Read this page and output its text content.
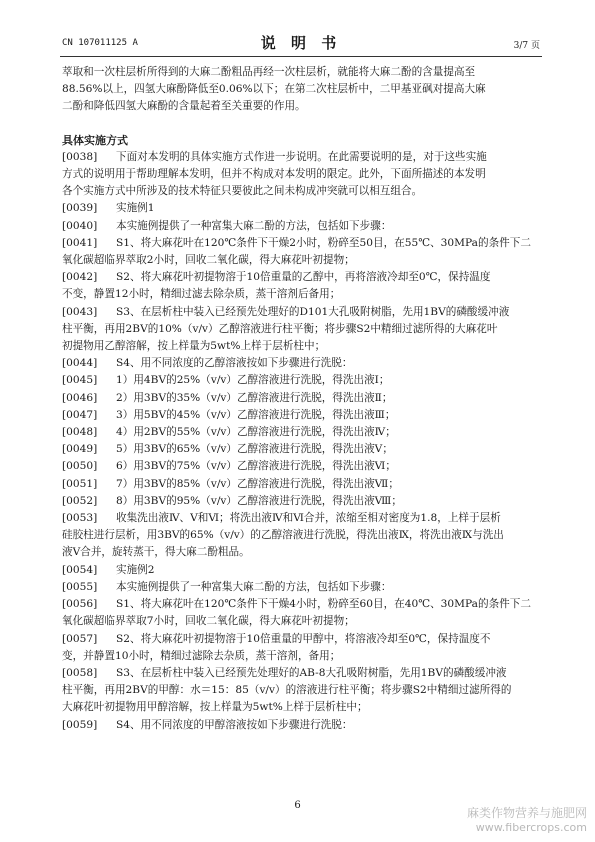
CN 107011125 A	说 明 书	3/7 页

萃取和一次柱层析所得到的大麻二酚粗品再经一次柱层析，就能将大麻二酚的含量提高至

88.56%以上，四氢大麻酚降低至0.06%以下；在第二次柱层析中，二甲基亚砜对提高大麻

二酚和降低四氢大麻酚的含量起着至关重要的作用。

具体实施方式

[0038] 下面对本发明的具体实施方式作进一步说明。在此需要说明的是，对于这些实施

方式的说明用于帮助理解本发明，但并不构成对本发明的限定。此外，下面所描述的本发明

各个实施方式中所涉及的技术特征只要彼此之间未构成冲突就可以相互组合。

[0039] 实施例1

[0040] 本实施例提供了一种富集大麻二酚的方法，包括如下步骤：

[0041] S1、将大麻花叶在120℃条件下干燥2小时，粉碎至50目，在55℃、30MPa的条件下二

氧化碳超临界萃取2小时，回收二氧化碳，得大麻花叶初提物；

[0042] S2、将大麻花叶初提物溶于10倍重量的乙醇中，再将溶液冷却至0℃，保持温度

不变，静置12小时，精细过滤去除杂质，蒸干溶剂后备用；

[0043] S3、在层析柱中装入已经预先处理好的D101大孔吸附树脂，先用1BV的磷酸缓冲液

柱平衡，再用2BV的10%（v/v）乙醇溶液进行柱平衡；将步骤S2中精细过滤所得的大麻花叶

初提物用乙醇溶解，按上样量为5wt%上样于层析柱中；

[0044] S4、用不同浓度的乙醇溶液按如下步骤进行洗脱：

[0045] 1）用4BV的25%（v/v）乙醇溶液进行洗脱，得洗出液Ⅰ；

[0046] 2）用3BV的35%（v/v）乙醇溶液进行洗脱，得洗出液Ⅱ；

[0047] 3）用5BV的45%（v/v）乙醇溶液进行洗脱，得洗出液Ⅲ；

[0048] 4）用2BV的55%（v/v）乙醇溶液进行洗脱，得洗出液Ⅳ；

[0049] 5）用3BV的65%（v/v）乙醇溶液进行洗脱，得洗出液Ⅴ；

[0050] 6）用3BV的75%（v/v）乙醇溶液进行洗脱，得洗出液Ⅵ；

[0051] 7）用3BV的85%（v/v）乙醇溶液进行洗脱，得洗出液Ⅶ；

[0052] 8）用3BV的95%（v/v）乙醇溶液进行洗脱，得洗出液Ⅷ；

[0053] 收集洗出液Ⅳ、Ⅴ和Ⅵ；将洗出液Ⅳ和Ⅵ合并，浓缩至相对密度为1.8，上样于层析

硅胶柱进行层析，用3BV的65%（v/v）的乙醇溶液进行洗脱，得洗出液Ⅸ，将洗出液Ⅸ与洗出

液Ⅴ合并，旋转蒸干，得大麻二酚粗品。

[0054] 实施例2

[0055] 本实施例提供了一种富集大麻二酚的方法，包括如下步骤：

[0056] S1、将大麻花叶在120℃条件下干燥4小时，粉碎至60目，在40℃、30MPa的条件下二

氧化碳超临界萃取7小时，回收二氧化碳，得大麻花叶初提物；

[0057] S2、将大麻花叶初提物溶于10倍重量的甲醇中，将溶液冷却至0℃，保持温度不

变，并静置10小时，精细过滤除去杂质，蒸干溶剂，备用；

[0058] S3、在层析柱中装入已经预先处理好的AB-8大孔吸附树脂，先用1BV的磷酸缓冲液

柱平衡，再用2BV的甲醇：水＝15：85（v/v）的溶液进行柱平衡；将步骤S2中精细过滤所得的

大麻花叶初提物用甲醇溶解，按上样量为5wt%上样于层析柱中；

[0059] S4、用不同浓度的甲醇溶液按如下步骤进行洗脱：

6
麻类作物营养与施肥网
www.fibercrops.com
